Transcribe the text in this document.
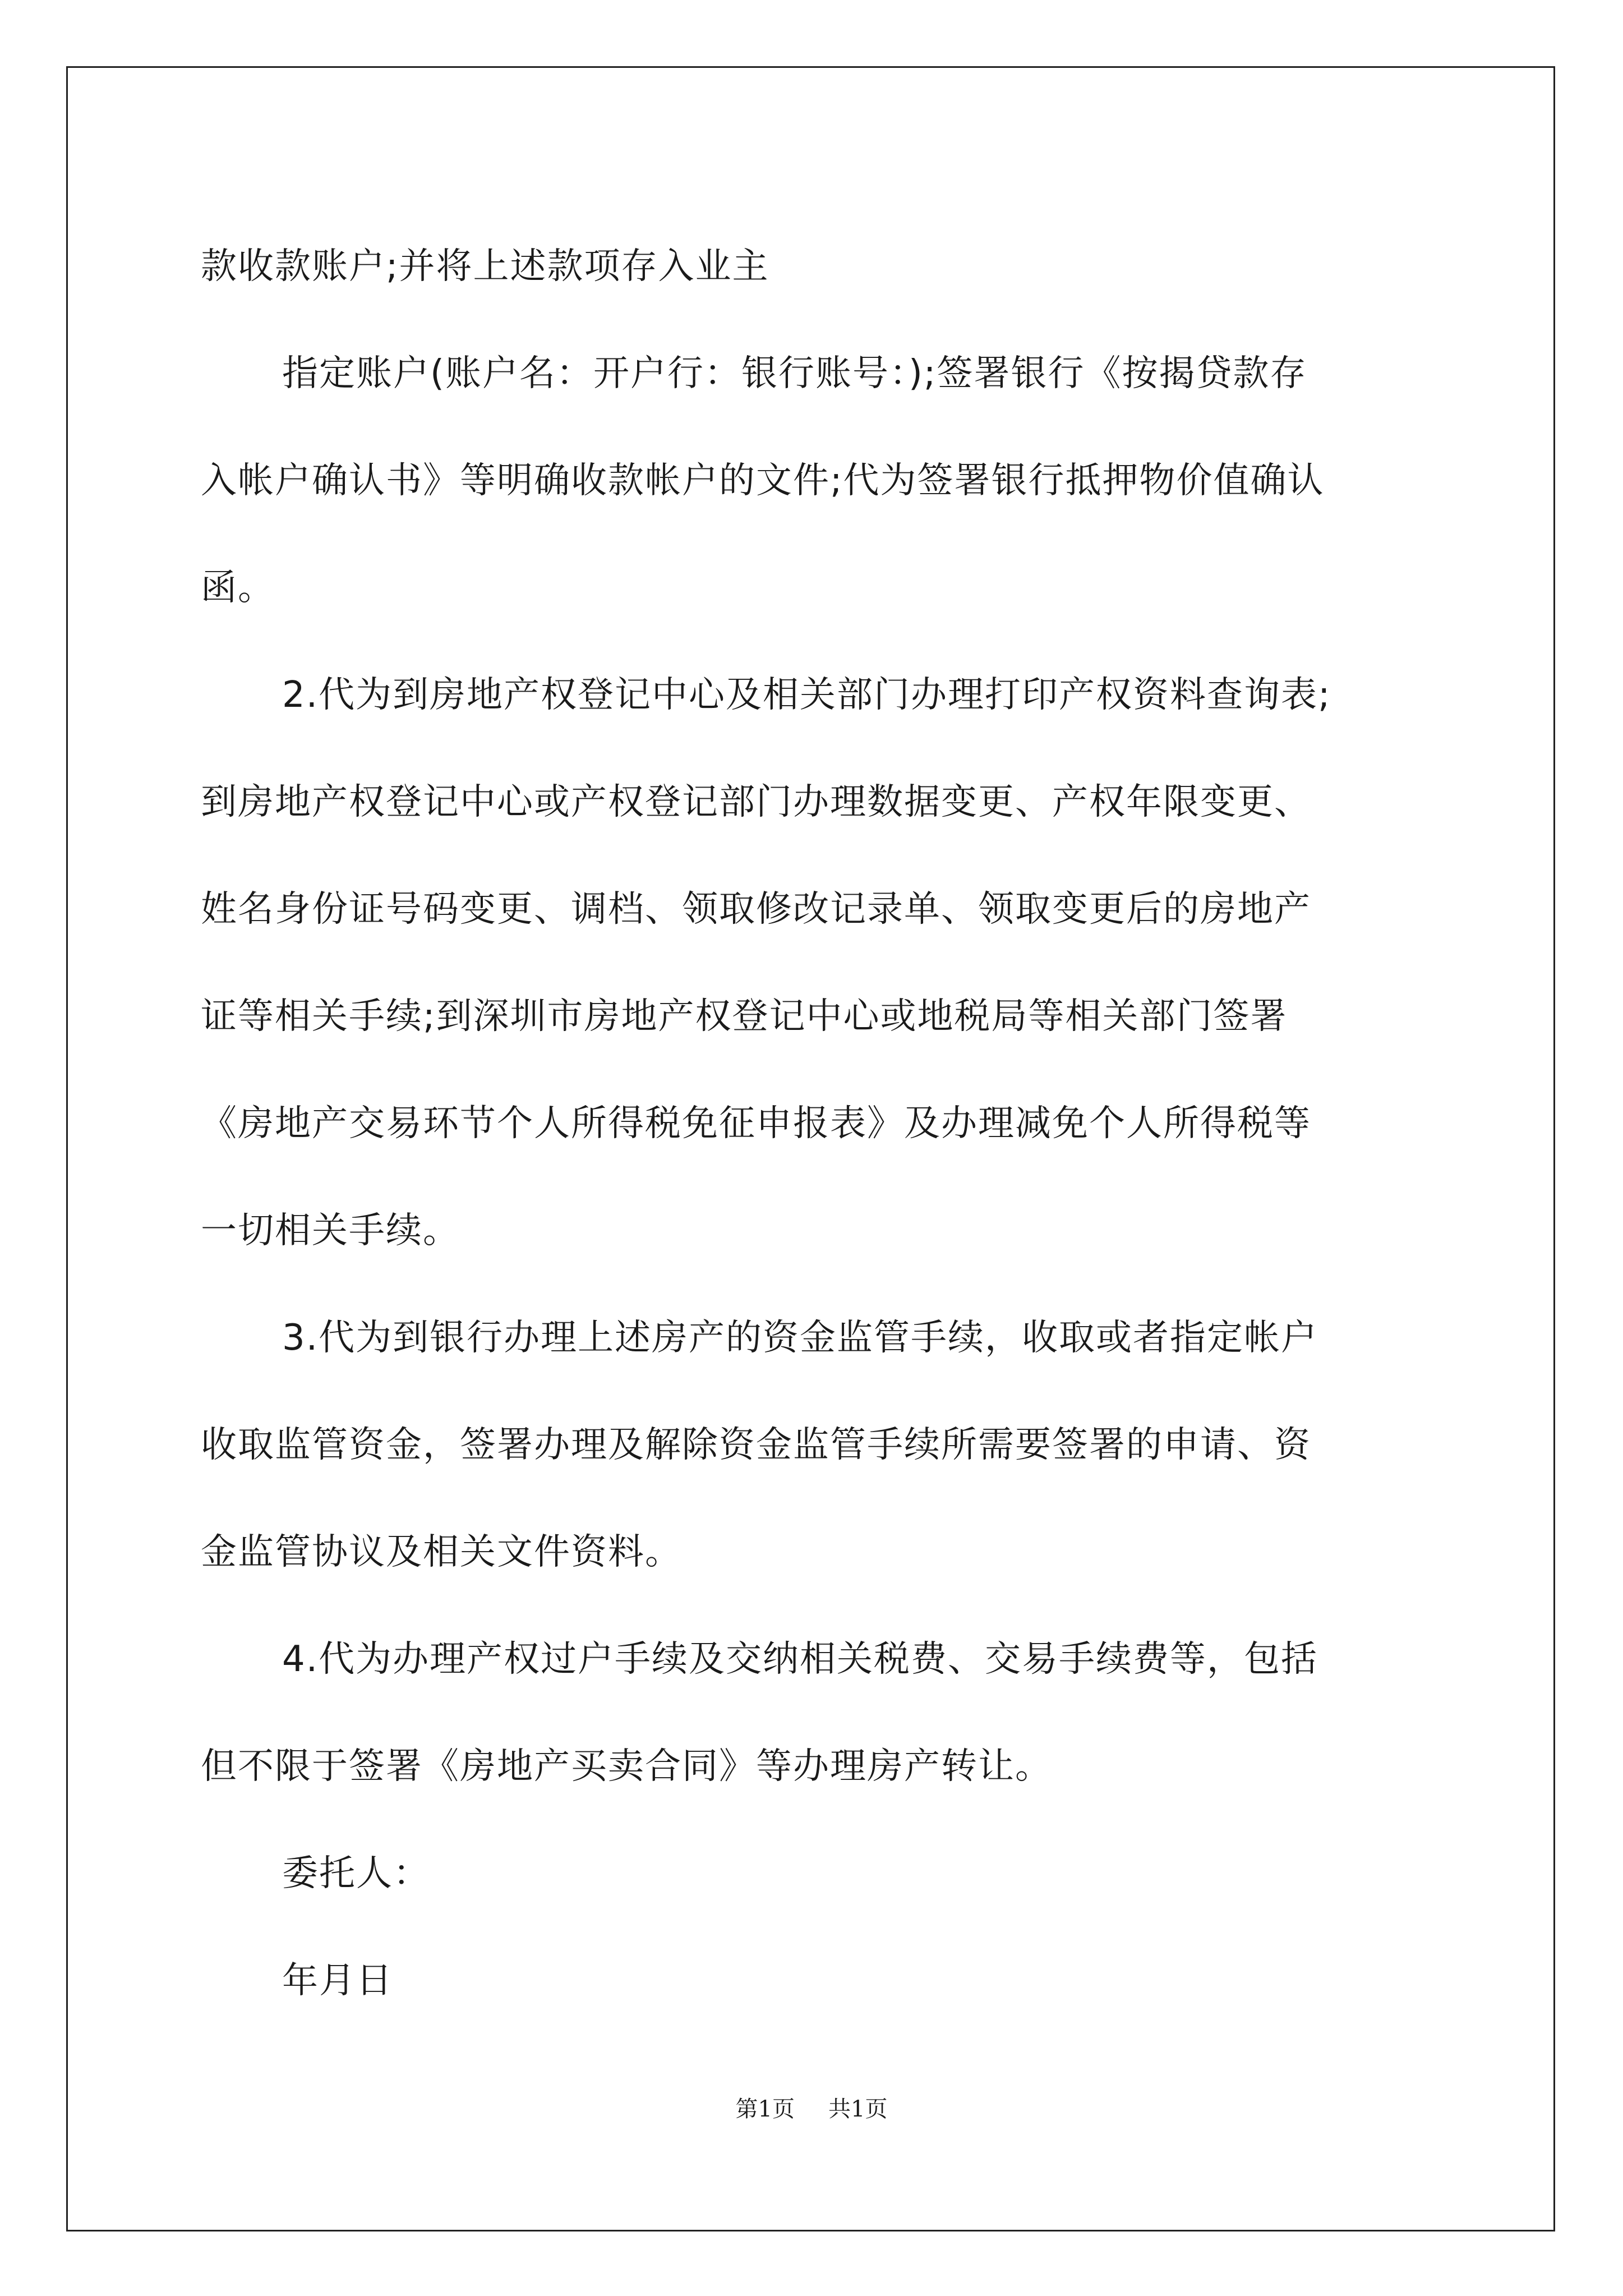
款收款账户;并将上述款项存入业主
指定账户(账户名：开户行：银行账号：);签署银行《按揭贷款存
入帐户确认书》等明确收款帐户的文件;代为签署银行抵押物价值确认
函。
2.代为到房地产权登记中心及相关部门办理打印产权资料查询表;
到房地产权登记中心或产权登记部门办理数据变更、产权年限变更、
姓名身份证号码变更、调档、领取修改记录单、领取变更后的房地产
证等相关手续;到深圳市房地产权登记中心或地税局等相关部门签署
《房地产交易环节个人所得税免征申报表》及办理减免个人所得税等
一切相关手续。
3.代为到银行办理上述房产的资金监管手续，收取或者指定帐户
收取监管资金，签署办理及解除资金监管手续所需要签署的申请、资
金监管协议及相关文件资料。
4.代为办理产权过户手续及交纳相关税费、交易手续费等，包括
但不限于签署《房地产买卖合同》等办理房产转让。
委托人：
年月日

第1页 共1页
